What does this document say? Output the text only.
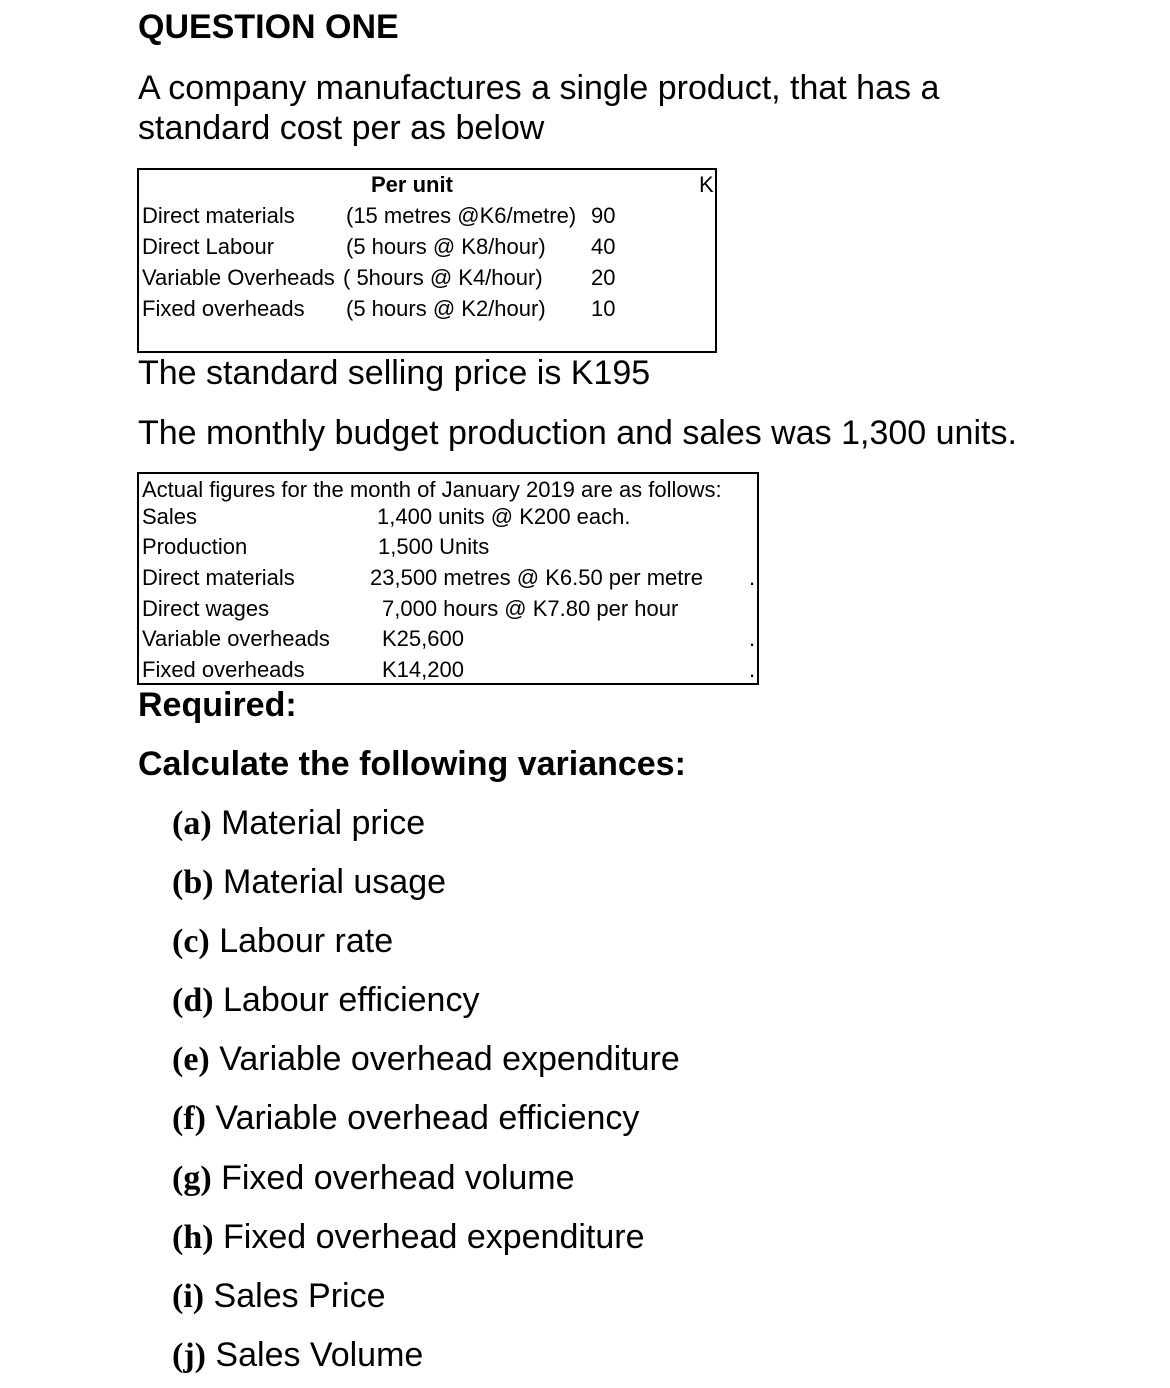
QUESTION ONE
A company manufactures a single product, that has a
standard cost per as below
Per unit	K
Direct materials (15 metres @K6/metre) 90
Direct Labour	(5 hours @ K8/hour) 40
Variable Overheads ( 5hours @ K4/hour) 20
Fixed overheads (5 hours @ K2/hour) 10
The standard selling price is K195
The monthly budget production and sales was 1,300 units.
Actual figures for the month of January 2019 are as follows:
Sales	1,400 units @ K200 each.
Production	1,500 Units
Direct materials	23,500 metres @ K6.50 per metre .
Direct wages	7,000 hours @ K7.80 per hour
Variable overheads K25,600	.
Fixed overheads	K14,200	.
Required:
Calculate the following variances:
(a) Material price
(b) Material usage
(c) Labour rate
(d) Labour efficiency
(e) Variable overhead expenditure
(f) Variable overhead efficiency
(g) Fixed overhead volume
(h) Fixed overhead expenditure
(i) Sales Price
(j) Sales Volume
